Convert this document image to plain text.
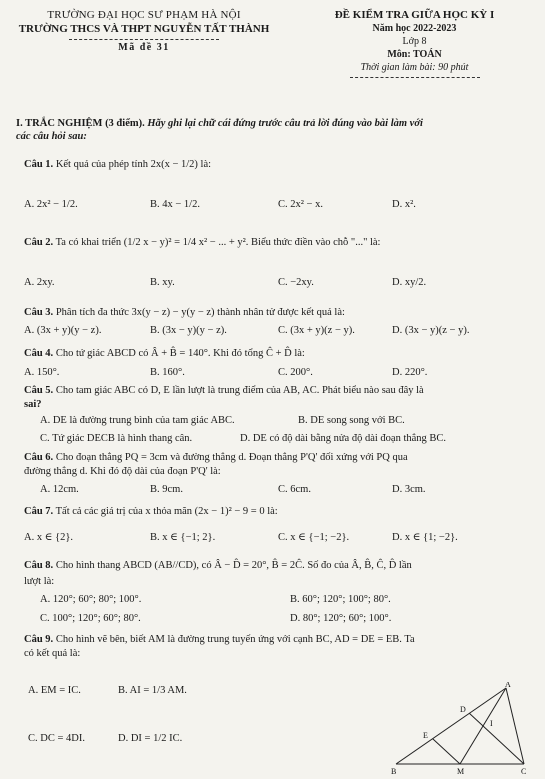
TRƯỜNG ĐẠI HỌC SƯ PHẠM HÀ NỘI
TRƯỜNG THCS VÀ THPT NGUYỄN TẤT THÀNH
Mã đề 31
ĐỀ KIỂM TRA GIỮA HỌC KỲ I
Năm học 2022-2023
Lớp 8
Môn: TOÁN
Thời gian làm bài: 90 phút
I. TRẮC NGHIỆM (3 điểm). Hãy ghi lại chữ cái đứng trước câu trả lời đúng vào bài làm với
các câu hỏi sau:
Câu 1. Kết quả của phép tính 2x(x − 1/2) là:
A. 2x² − 1/2.	B. 4x − 1/2.	C. 2x² − x.	D. x².
Câu 2. Ta có khai triển (1/2 x − y)² = 1/4 x² − ... + y². Biểu thức điền vào chỗ "..." là:
A. 2xy.	B. xy.	C. −2xy.	D. xy/2.
Câu 3. Phân tích đa thức 3x(y − z) − y(y − z) thành nhân tử được kết quả là:
A. (3x + y)(y − z).	B. (3x − y)(y − z).	C. (3x + y)(z − y).	D. (3x − y)(z − y).
Câu 4. Cho tứ giác ABCD có Â + B̂ = 140°. Khi đó tổng Ĉ + D̂ là:
A. 150°.	B. 160°.	C. 200°.	D. 220°.
Câu 5. Cho tam giác ABC có D, E lần lượt là trung điểm của AB, AC. Phát biểu nào sau đây là
sai?
A. DE là đường trung bình của tam giác ABC.	B. DE song song với BC.
C. Tứ giác DECB là hình thang cân.	D. DE có độ dài bằng nửa độ dài đoạn thẳng BC.
Câu 6. Cho đoạn thẳng PQ = 3cm và đường thẳng d. Đoạn thẳng P'Q' đối xứng với PQ qua
đường thẳng d. Khi đó độ dài của đoạn P'Q' là:
A. 12cm.	B. 9cm.	C. 6cm.	D. 3cm.
Câu 7. Tất cả các giá trị của x thỏa mãn (2x − 1)² − 9 = 0 là:
A. x ∈ {2}.	B. x ∈ {−1; 2}.	C. x ∈ {−1; −2}.	D. x ∈ {1; −2}.
Câu 8. Cho hình thang ABCD (AB//CD), có Â − D̂ = 20°, B̂ = 2Ĉ. Số đo của Â, B̂, Ĉ, D̂ lần
lượt là:
A. 120°; 60°; 80°; 100°.	B. 60°; 120°; 100°; 80°.
C. 100°; 120°; 60°; 80°.	D. 80°; 120°; 60°; 100°.
Câu 9. Cho hình vẽ bên, biết AM là đường trung tuyến ứng với cạnh BC, AD = DE = EB. Ta
có kết quả là:
A. EM = IC.	B. AI = 1/3 AM.
C. DC = 4DI.	D. DI = 1/2 IC.
A
D
I
E
B	M	C
